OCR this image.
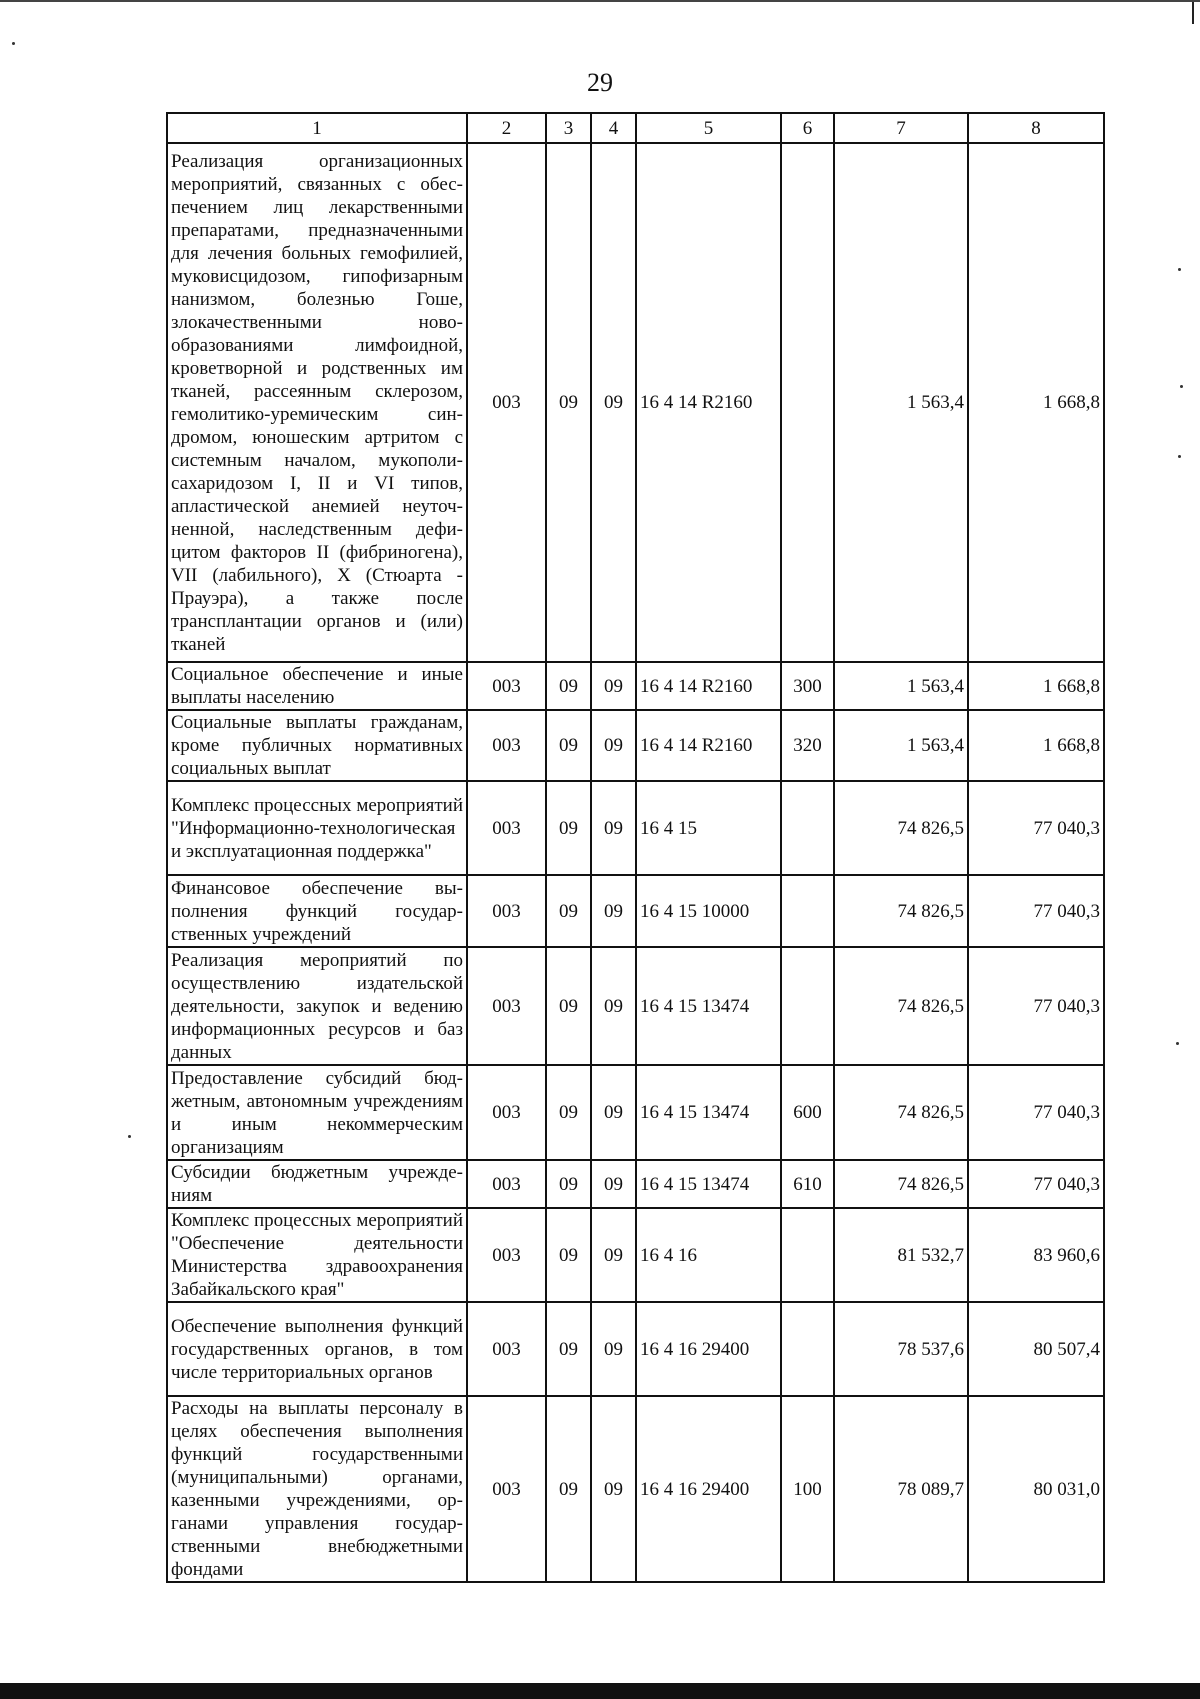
29
1	2	3	4	5	6	7	8
Реализация организационных мероприятий, связанных с обеспечением лиц лекарственными препаратами, предназначенными для лечения больных гемофилией, муковисцидозом, гипофизарным нанизмом, болезнью Гоше, злокачественными новообразованиями лимфоидной, кроветворной и родственных им тканей, рассеянным склерозом, гемолитико-уремическим синдромом, юношеским артритом с системным началом, мукополисахаридозом I, II и VI типов, апластической анемией неуточненной, наследственным дефицитом факторов II (фибриногена), VII (лабильного), X (Стюарта - Прауэра), а также после трансплантации органов и (или) тканей	003	09	09	16 4 14 R2160		1 563,4	1 668,8
Социальное обеспечение и иные выплаты населению	003	09	09	16 4 14 R2160	300	1 563,4	1 668,8
Социальные выплаты гражданам, кроме публичных нормативных социальных выплат	003	09	09	16 4 14 R2160	320	1 563,4	1 668,8
Комплекс процессных мероприятий "Информационно-технологическая и эксплуатационная поддержка"	003	09	09	16 4 15		74 826,5	77 040,3
Финансовое обеспечение выполнения функций государственных учреждений	003	09	09	16 4 15 10000		74 826,5	77 040,3
Реализация мероприятий по осуществлению издательской деятельности, закупок и ведению информационных ресурсов и баз данных	003	09	09	16 4 15 13474		74 826,5	77 040,3
Предоставление субсидий бюджетным, автономным учреждениям и иным некоммерческим организациям	003	09	09	16 4 15 13474	600	74 826,5	77 040,3
Субсидии бюджетным учреждениям	003	09	09	16 4 15 13474	610	74 826,5	77 040,3
Комплекс процессных мероприятий "Обеспечение деятельности Министерства здравоохранения Забайкальского края"	003	09	09	16 4 16		81 532,7	83 960,6
Обеспечение выполнения функций государственных органов, в том числе территориальных органов	003	09	09	16 4 16 29400		78 537,6	80 507,4
Расходы на выплаты персоналу в целях обеспечения выполнения функций государственными (муниципальными) органами, казенными учреждениями, органами управления государственными внебюджетными фондами	003	09	09	16 4 16 29400	100	78 089,7	80 031,0
